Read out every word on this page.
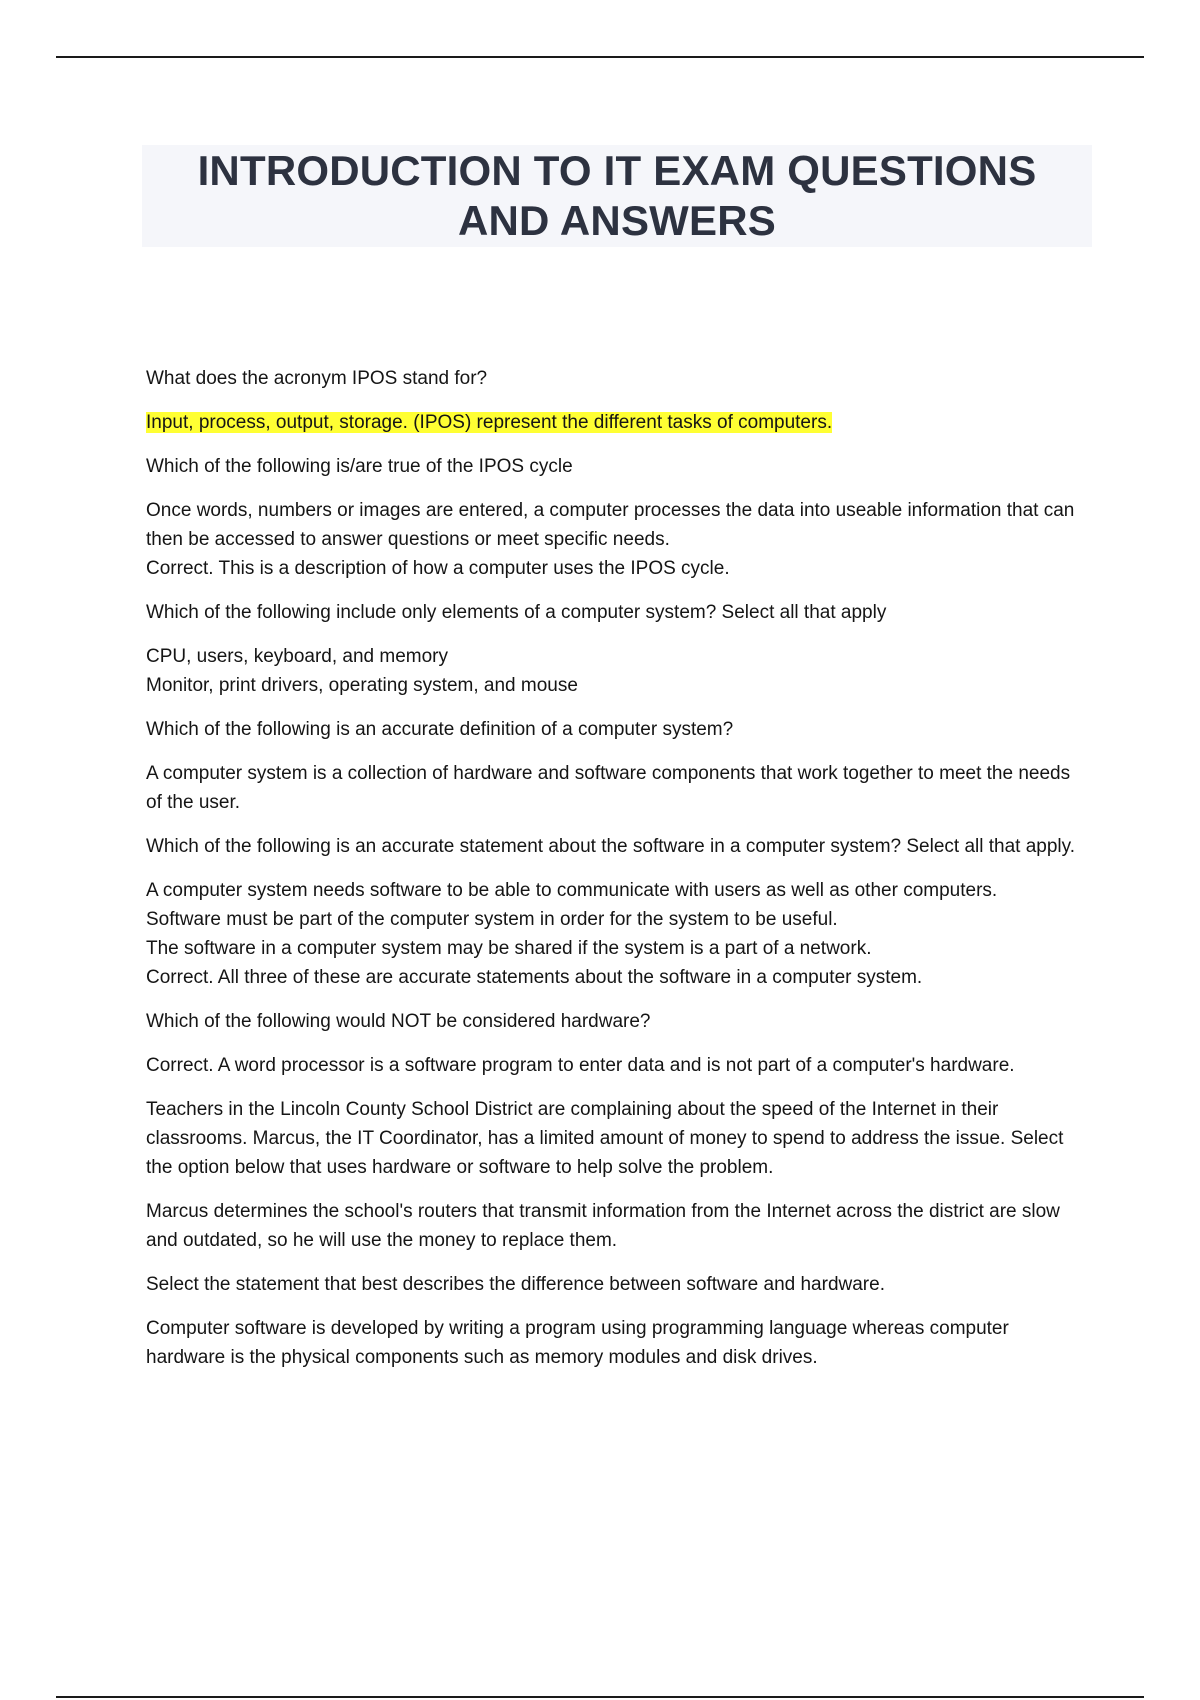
INTRODUCTION TO IT EXAM QUESTIONS
AND ANSWERS

What does the acronym IPOS stand for?

Input, process, output, storage. (IPOS) represent the different tasks of computers.

Which of the following is/are true of the IPOS cycle

Once words, numbers or images are entered, a computer processes the data into useable information that can then be accessed to answer questions or meet specific needs.
Correct. This is a description of how a computer uses the IPOS cycle.

Which of the following include only elements of a computer system? Select all that apply

CPU, users, keyboard, and memory
Monitor, print drivers, operating system, and mouse

Which of the following is an accurate definition of a computer system?

A computer system is a collection of hardware and software components that work together to meet the needs of the user.

Which of the following is an accurate statement about the software in a computer system? Select all that apply.

A computer system needs software to be able to communicate with users as well as other computers.
Software must be part of the computer system in order for the system to be useful.
The software in a computer system may be shared if the system is a part of a network.
Correct. All three of these are accurate statements about the software in a computer system.

Which of the following would NOT be considered hardware?

Correct. A word processor is a software program to enter data and is not part of a computer's hardware.

Teachers in the Lincoln County School District are complaining about the speed of the Internet in their classrooms. Marcus, the IT Coordinator, has a limited amount of money to spend to address the issue. Select the option below that uses hardware or software to help solve the problem.

Marcus determines the school's routers that transmit information from the Internet across the district are slow and outdated, so he will use the money to replace them.

Select the statement that best describes the difference between software and hardware.

Computer software is developed by writing a program using programming language whereas computer hardware is the physical components such as memory modules and disk drives.
